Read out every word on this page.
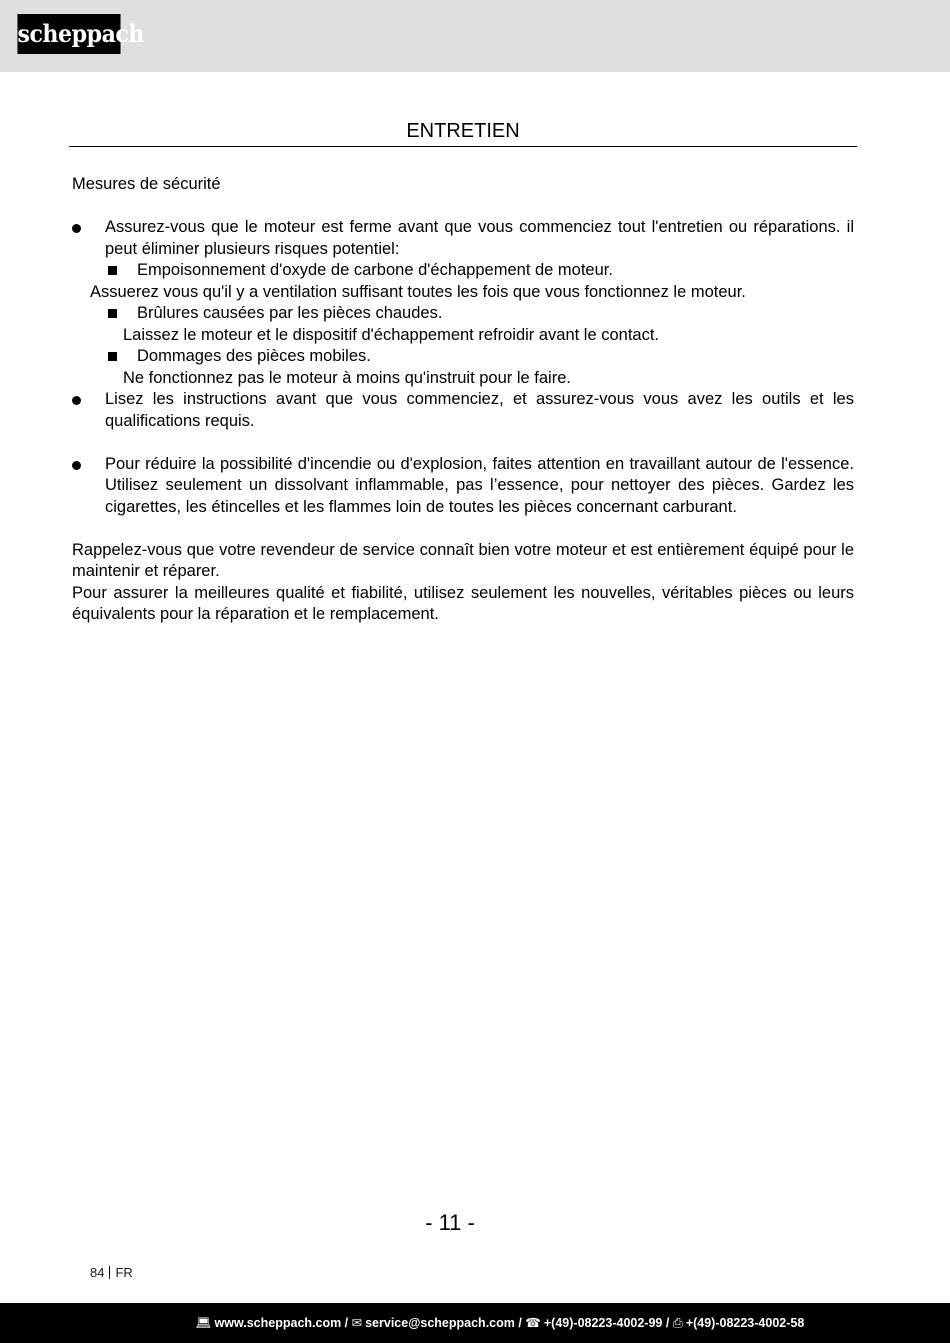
scheppach
ENTRETIEN
Mesures de sécurité
Assurez-vous que le moteur est ferme avant que vous commenciez tout l'entretien ou réparations. il peut éliminer plusieurs risques potentiel:
Empoisonnement d'oxyde de carbone d'échappement de moteur.
Assuerez vous qu'il y a ventilation suffisant toutes les fois que vous fonctionnez le moteur.
Brûlures causées par les pièces chaudes.
Laissez le moteur et le dispositif d'échappement refroidir avant le contact.
Dommages des pièces mobiles.
Ne fonctionnez pas le moteur à moins qu'instruit pour le faire.
Lisez les instructions avant que vous commenciez, et assurez-vous vous avez les outils et les qualifications requis.
Pour réduire la possibilité d'incendie ou d'explosion, faites attention en travaillant autour de l'essence. Utilisez seulement un dissolvant inflammable, pas l’essence, pour nettoyer des pièces. Gardez les cigarettes, les étincelles et les flammes loin de toutes les pièces concernant carburant.
Rappelez-vous que votre revendeur de service connaît bien votre moteur et est entièrement équipé pour le maintenir et réparer.
Pour assurer la meilleures qualité et fiabilité, utilisez seulement les nouvelles, véritables pièces ou leurs équivalents pour la réparation et le remplacement.
- 11 -
84 FR
💻︎ www.scheppach.com / ✉ service@scheppach.com / ☎ +(49)-08223-4002-99 / ⎙ +(49)-08223-4002-58
